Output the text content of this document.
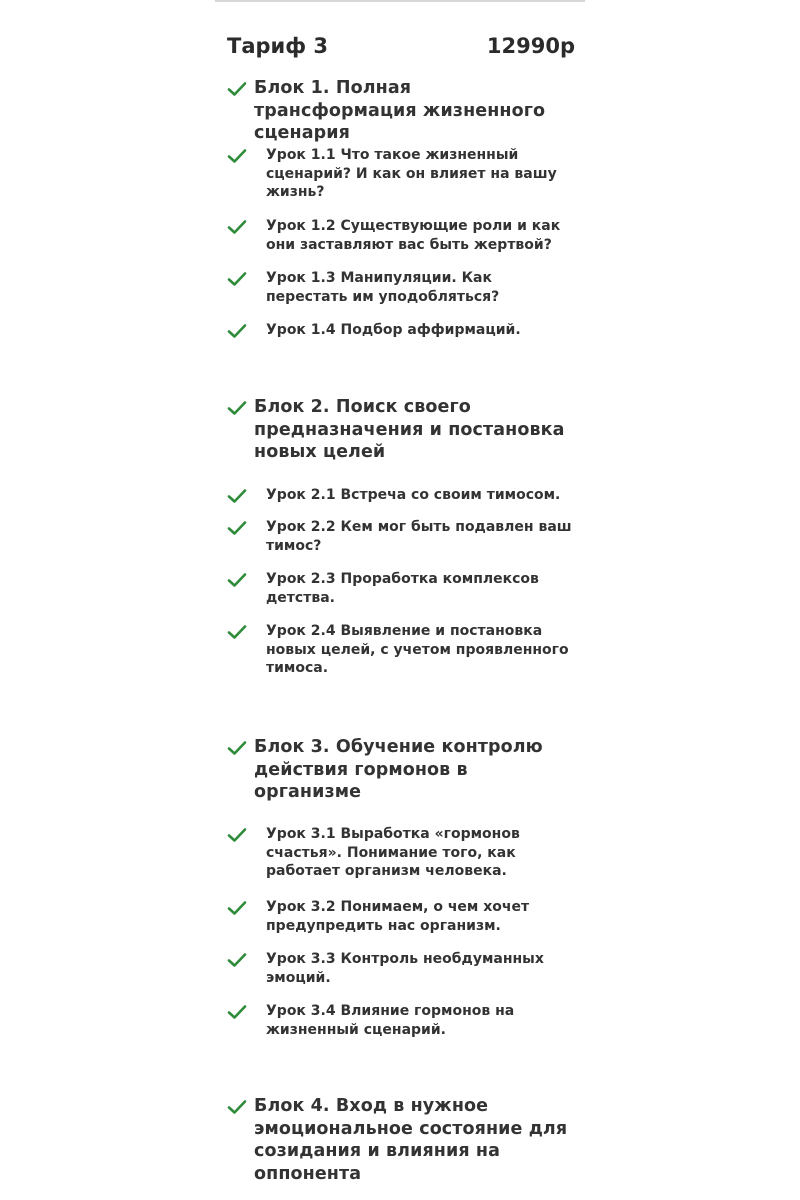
Тариф 3	12990р
Блок 1. Полная трансформация жизненного сценария
Урок 1.1 Что такое жизненный сценарий? И как он влияет на вашу жизнь?
Урок 1.2 Существующие роли и как они заставляют вас быть жертвой?
Урок 1.3 Манипуляции. Как перестать им уподобляться?
Урок 1.4 Подбор аффирмаций.
Блок 2. Поиск своего предназначения и постановка новых целей
Урок 2.1 Встреча со своим тимосом.
Урок 2.2 Кем мог быть подавлен ваш тимос?
Урок 2.3 Проработка комплексов детства.
Урок 2.4 Выявление и постановка новых целей, с учетом проявленного тимоса.
Блок 3. Обучение контролю действия гормонов в организме
Урок 3.1 Выработка «гормонов счастья». Понимание того, как работает организм человека.
Урок 3.2 Понимаем, о чем хочет предупредить нас организм.
Урок 3.3 Контроль необдуманных эмоций.
Урок 3.4 Влияние гормонов на жизненный сценарий.
Блок 4. Вход в нужное эмоциональное состояние для созидания и влияния на оппонента
